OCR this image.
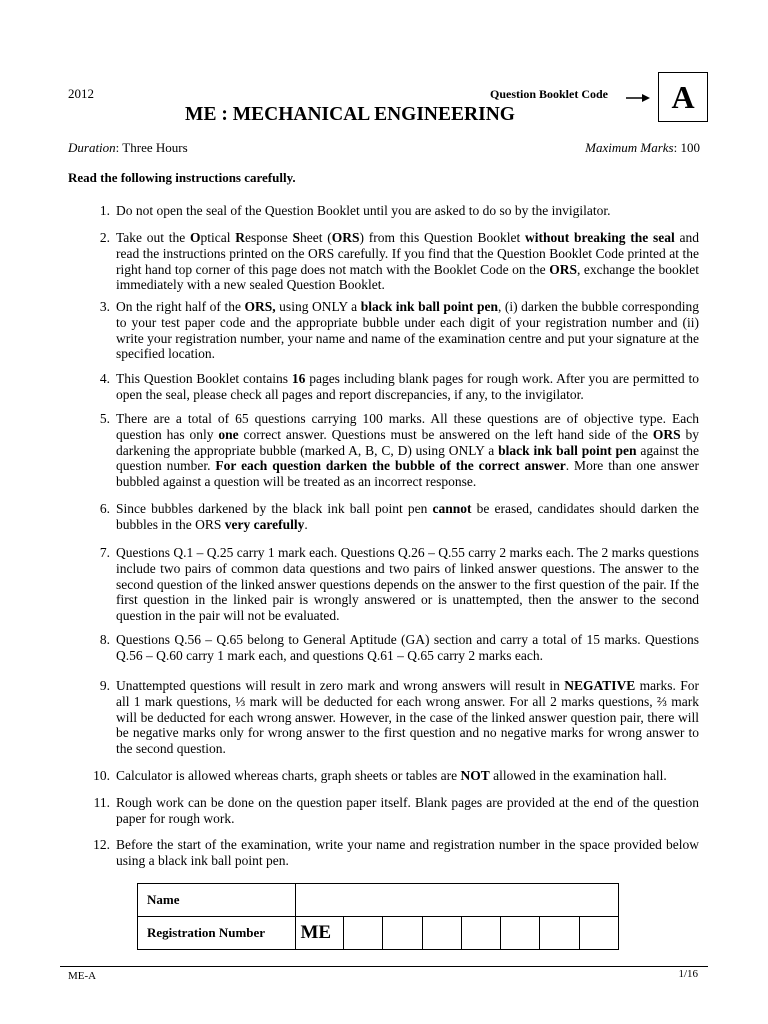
2012	Question Booklet Code	A
ME : MECHANICAL ENGINEERING
Duration: Three Hours	Maximum Marks: 100
Read the following instructions carefully.
1. Do not open the seal of the Question Booklet until you are asked to do so by the invigilator.
2. Take out the Optical Response Sheet (ORS) from this Question Booklet without breaking the seal and read the instructions printed on the ORS carefully. If you find that the Question Booklet Code printed at the right hand top corner of this page does not match with the Booklet Code on the ORS, exchange the booklet immediately with a new sealed Question Booklet.
3. On the right half of the ORS, using ONLY a black ink ball point pen, (i) darken the bubble corresponding to your test paper code and the appropriate bubble under each digit of your registration number and (ii) write your registration number, your name and name of the examination centre and put your signature at the specified location.
4. This Question Booklet contains 16 pages including blank pages for rough work. After you are permitted to open the seal, please check all pages and report discrepancies, if any, to the invigilator.
5. There are a total of 65 questions carrying 100 marks. All these questions are of objective type. Each question has only one correct answer. Questions must be answered on the left hand side of the ORS by darkening the appropriate bubble (marked A, B, C, D) using ONLY a black ink ball point pen against the question number. For each question darken the bubble of the correct answer. More than one answer bubbled against a question will be treated as an incorrect response.
6. Since bubbles darkened by the black ink ball point pen cannot be erased, candidates should darken the bubbles in the ORS very carefully.
7. Questions Q.1 – Q.25 carry 1 mark each. Questions Q.26 – Q.55 carry 2 marks each. The 2 marks questions include two pairs of common data questions and two pairs of linked answer questions. The answer to the second question of the linked answer questions depends on the answer to the first question of the pair. If the first question in the linked pair is wrongly answered or is unattempted, then the answer to the second question in the pair will not be evaluated.
8. Questions Q.56 – Q.65 belong to General Aptitude (GA) section and carry a total of 15 marks. Questions Q.56 – Q.60 carry 1 mark each, and questions Q.61 – Q.65 carry 2 marks each.
9. Unattempted questions will result in zero mark and wrong answers will result in NEGATIVE marks. For all 1 mark questions, ⅓ mark will be deducted for each wrong answer. For all 2 marks questions, ⅔ mark will be deducted for each wrong answer. However, in the case of the linked answer question pair, there will be negative marks only for wrong answer to the first question and no negative marks for wrong answer to the second question.
10. Calculator is allowed whereas charts, graph sheets or tables are NOT allowed in the examination hall.
11. Rough work can be done on the question paper itself. Blank pages are provided at the end of the question paper for rough work.
12. Before the start of the examination, write your name and registration number in the space provided below using a black ink ball point pen.
Name								
Registration Number	ME							
ME-A	1/16
